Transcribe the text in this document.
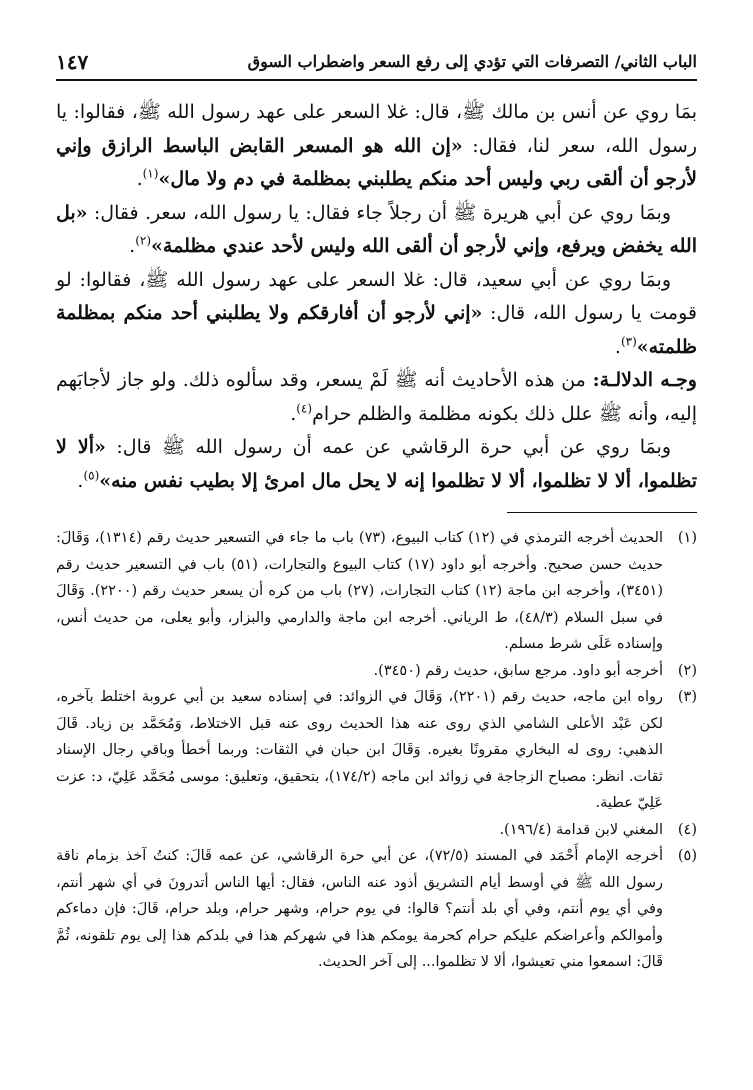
الباب الثاني/ التصرفات التي تؤدي إلى رفع السعر واضطراب السوق
١٤٧

بمَا روي عن أنس بن مالك ﷺ، قال: غلا السعر على عهد رسول الله ﷺ، فقالوا: يا رسول الله، سعر لنا، فقال: «إن الله هو المسعر القابض الباسط الرازق وإني لأرجو أن ألقى ربي وليس أحد منكم يطلبني بمظلمة في دم ولا مال»$^{(١)}$.

وبمَا روي عن أبي هريرة ﷺ أن رجلاً جاء فقال: يا رسول الله، سعر. فقال: «بل الله يخفض ويرفع، وإني لأرجو أن ألقى الله وليس لأحد عندي مظلمة»$^{(٢)}$.

وبمَا روي عن أبي سعيد، قال: غلا السعر على عهد رسول الله ﷺ، فقالوا: لو قومت يا رسول الله، قال: «إني لأرجو أن أفارقكم ولا يطلبني أحد منكم بمظلمة ظلمته»$^{(٣)}$.

وجـه الدلالـة: من هذه الأحاديث أنه ﷺ لَمْ يسعر، وقد سألوه ذلك. ولو جاز لأجابَهم إليه، وأنه ﷺ علل ذلك بكونه مظلمة والظلم حرام$^{(٤)}$.

وبمَا روي عن أبي حرة الرقاشي عن عمه أن رسول الله ﷺ قال: «ألا لا تظلموا، ألا لا تظلموا، ألا لا تظلموا إنه لا يحل مال امرئ إلا بطيب نفس منه»$^{(٥)}$.

(١)
الحديث أخرجه الترمذي في (١٢) كتاب البيوع، (٧٣) باب ما جاء في التسعير حديث رقم (١٣١٤)، وَقَالَ: حديث حسن صحيح. وأخرجه أبو داود (١٧) كتاب البيوع والتجارات، (٥١) باب في التسعير حديث رقم (٣٤٥١)، وأخرجه ابن ماجة (١٢) كتاب التجارات، (٢٧) باب من كره أن يسعر حديث رقم (٢٢٠٠). وَقَالَ في سبل السلام (٤٨/٣)، ط الرياني. أخرجه ابن ماجة والدارمي والبزار، وأبو يعلى، من حديث أنس، وإسناده عَلَى شرط مسلم.
(٢)
أخرجه أبو داود. مرجع سابق، حديث رقم (٣٤٥٠).
(٣)
رواه ابن ماجه، حديث رقم (٢٢٠١)، وَقَالَ في الزوائد: في إسناده سعيد بن أبي عروبة اختلط بآخره، لكن عَبْد الأعلى الشامي الذي روى عنه هذا الحديث روى عنه قبل الاختلاط، وَمُحَمَّد بن زياد. قَالَ الذهبي: روى له البخاري مقرونًا بغيره. وَقَالَ ابن حبان في الثقات: وربما أخطأ وباقي رجال الإسناد ثقات. انظر: مصباح الزجاجة في زوائد ابن ماجه (١٧٤/٢)، بتحقيق، وتعليق: موسى مُحَمَّد عَلِيّ، د: عزت عَلِيّ عطية.
(٤)
المغني لابن قدامة (١٩٦/٤).
(٥)
أخرجه الإمام أَحْمَد في المسند (٧٢/٥)، عن أبي حرة الرقاشي، عن عمه قَالَ: كنتُ آخذ بزمام ناقة رسول الله ﷺ في أوسط أيام التشريق أذود عنه الناس، فقال: أيها الناس أتدرونَ في أي شهر أنتم، وفي أي يوم أنتم، وفي أي بلد أنتم؟ قالوا: في يوم حرام، وشهر حرام، وبلد حرام، قَالَ: فإن دماءكم وأموالكم وأعراضكم عليكم حرام كحرمة يومكم هذا في شهركم هذا في بلدكم هذا إلى يوم تلقونه، ثُمَّ قَالَ: اسمعوا مني تعيشوا، ألا لا تظلموا... إلى آخر الحديث.
